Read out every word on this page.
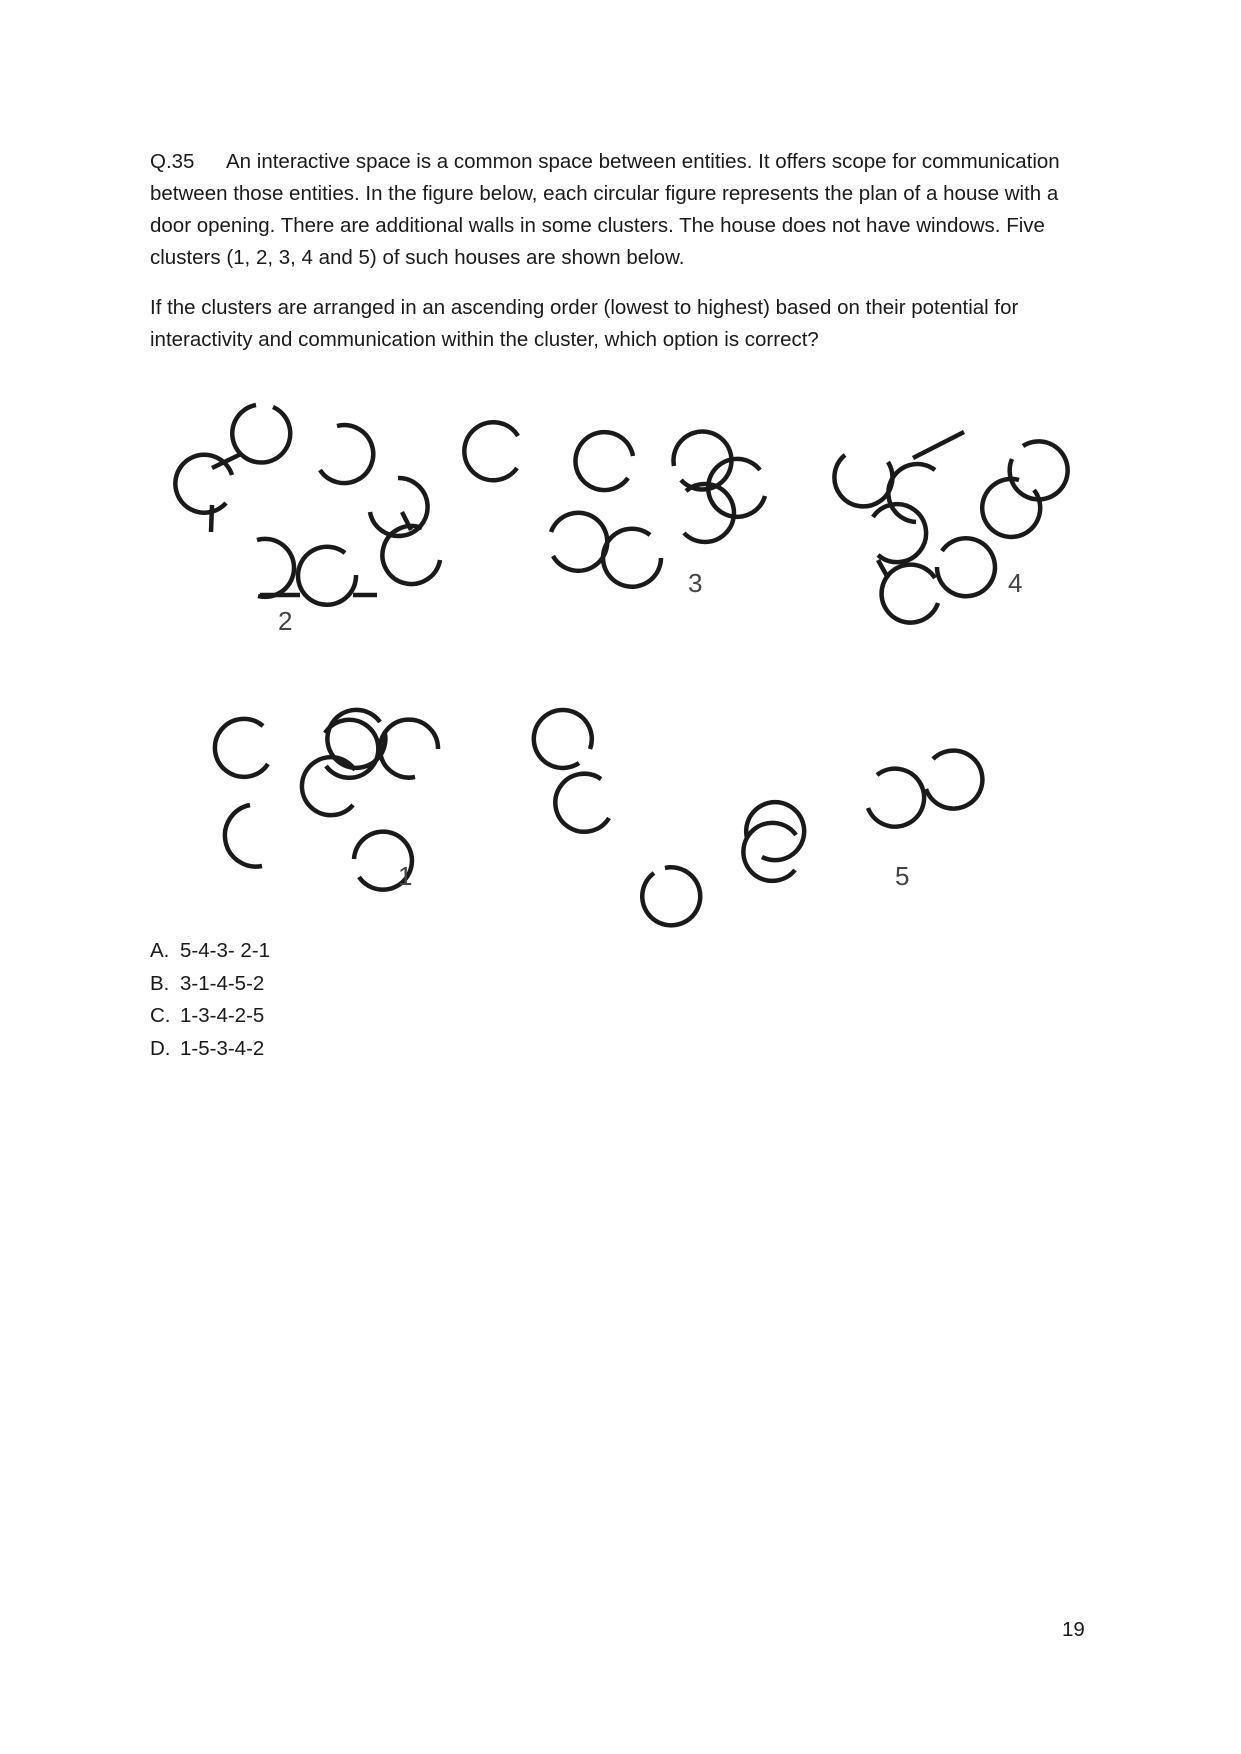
Q.35 An interactive space is a common space between entities. It offers scope for communication between those entities. In the figure below, each circular figure represents the plan of a house with a door opening. There are additional walls in some clusters. The house does not have windows. Five clusters (1, 2, 3, 4 and 5) of such houses are shown below.

If the clusters are arranged in an ascending order (lowest to highest) based on their potential for interactivity and communication within the cluster, which option is correct?

3	4
1	5
2
A. 5-4-3- 2-1
B. 3-1-4-5-2
C. 1-3-4-2-5
D. 1-5-3-4-2
19
